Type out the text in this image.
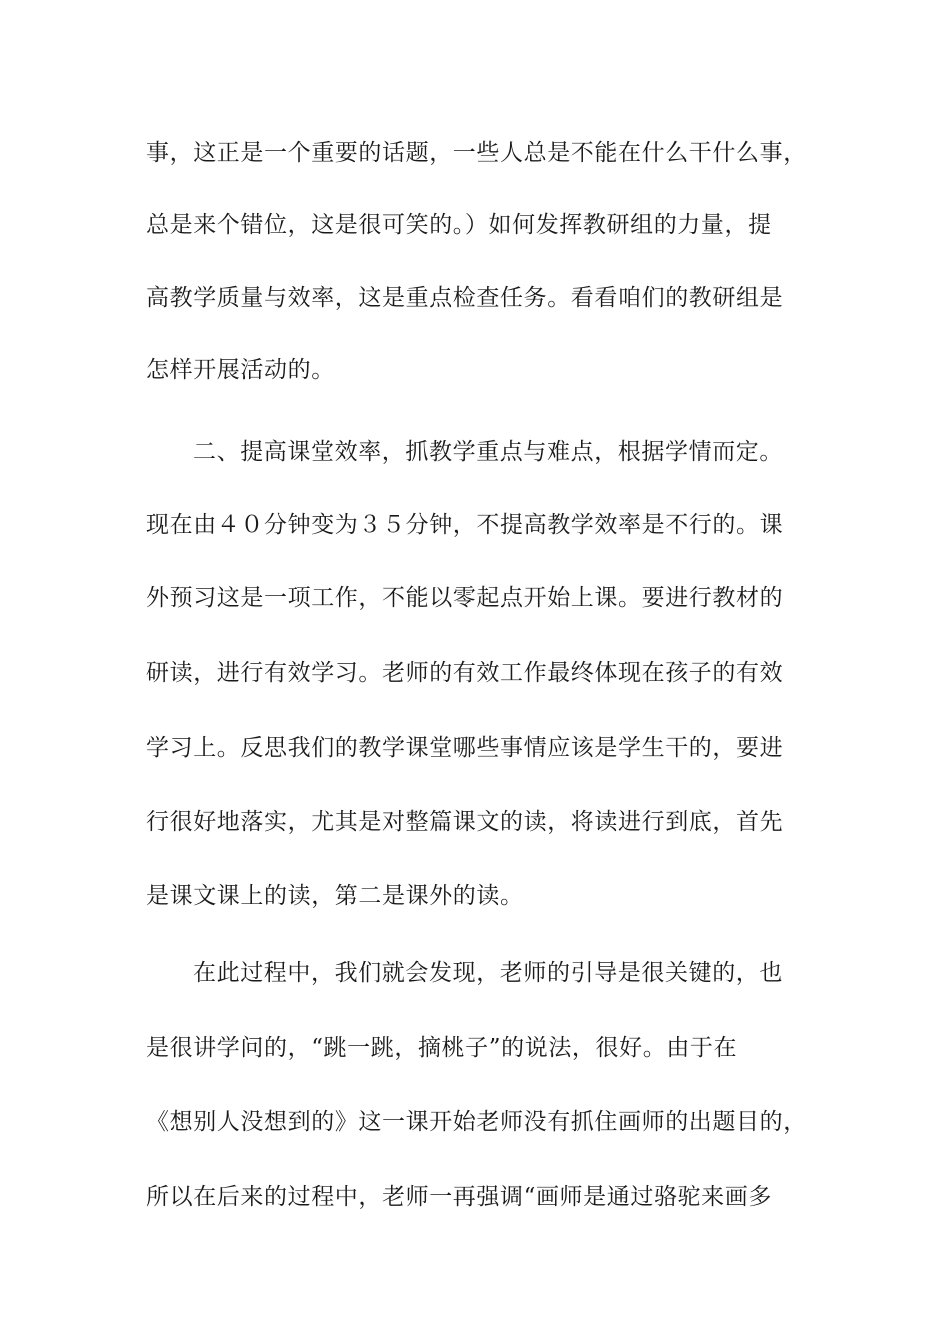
事，这正是一个重要的话题，一些人总是不能在什么干什么事，
总是来个错位，这是很可笑的。）如何发挥教研组的力量，提
高教学质量与效率，这是重点检查任务。看看咱们的教研组是
怎样开展活动的。
二、提高课堂效率，抓教学重点与难点，根据学情而定。
现在由４０分钟变为３５分钟，不提高教学效率是不行的。课
外预习这是一项工作，不能以零起点开始上课。要进行教材的
研读，进行有效学习。老师的有效工作最终体现在孩子的有效
学习上。反思我们的教学课堂哪些事情应该是学生干的，要进
行很好地落实，尤其是对整篇课文的读，将读进行到底，首先
是课文课上的读，第二是课外的读。
在此过程中，我们就会发现，老师的引导是很关键的，也
是很讲学问的，“跳一跳，摘桃子”的说法，很好。由于在
《想别人没想到的》这一课开始老师没有抓住画师的出题目的，
所以在后来的过程中，老师一再强调“画师是通过骆驼来画多
